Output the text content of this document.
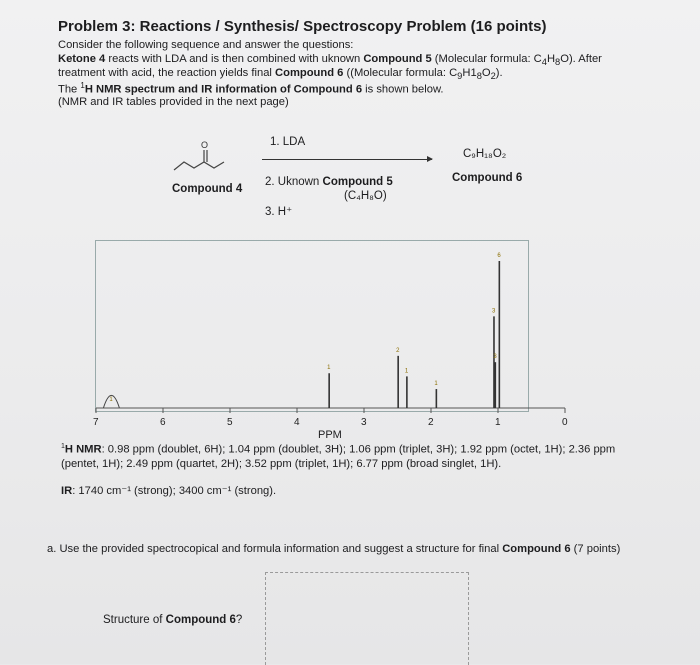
Problem 3: Reactions / Synthesis/ Spectroscopy Problem (16 points)
Consider the following sequence and answer the questions:
Ketone 4 reacts with LDA and is then combined with uknown Compound 5 (Molecular formula: $C_4H_8O$). After
treatment with acid, the reaction yields final Compound 6 ((Molecular formula: $C_9H1_8O_2$).
The $^1$H NMR spectrum and IR information of Compound 6 is shown below.
(NMR and IR tables provided in the next page)
O
Compound 4
1. LDA
2. Uknown Compound 5
(C₄H₈O)
3. H⁺
C₉H₁₈O₂
Compound 6
7	6	5	4	3	2	1	0
1
1
2
1
1
3
3
6
PPM
$^1$H NMR: 0.98 ppm (doublet, 6H); 1.04 ppm (doublet, 3H); 1.06 ppm (triplet, 3H); 1.92 ppm (octet, 1H); 2.36 ppm
(pentet, 1H); 2.49 ppm (quartet, 2H); 3.52 ppm (triplet, 1H); 6.77 ppm (broad singlet, 1H).
IR: 1740 cm⁻¹ (strong); 3400 cm⁻¹ (strong).
a. Use the provided spectrocopical and formula information and suggest a structure for final Compound 6 (7 points)
Structure of Compound 6?
